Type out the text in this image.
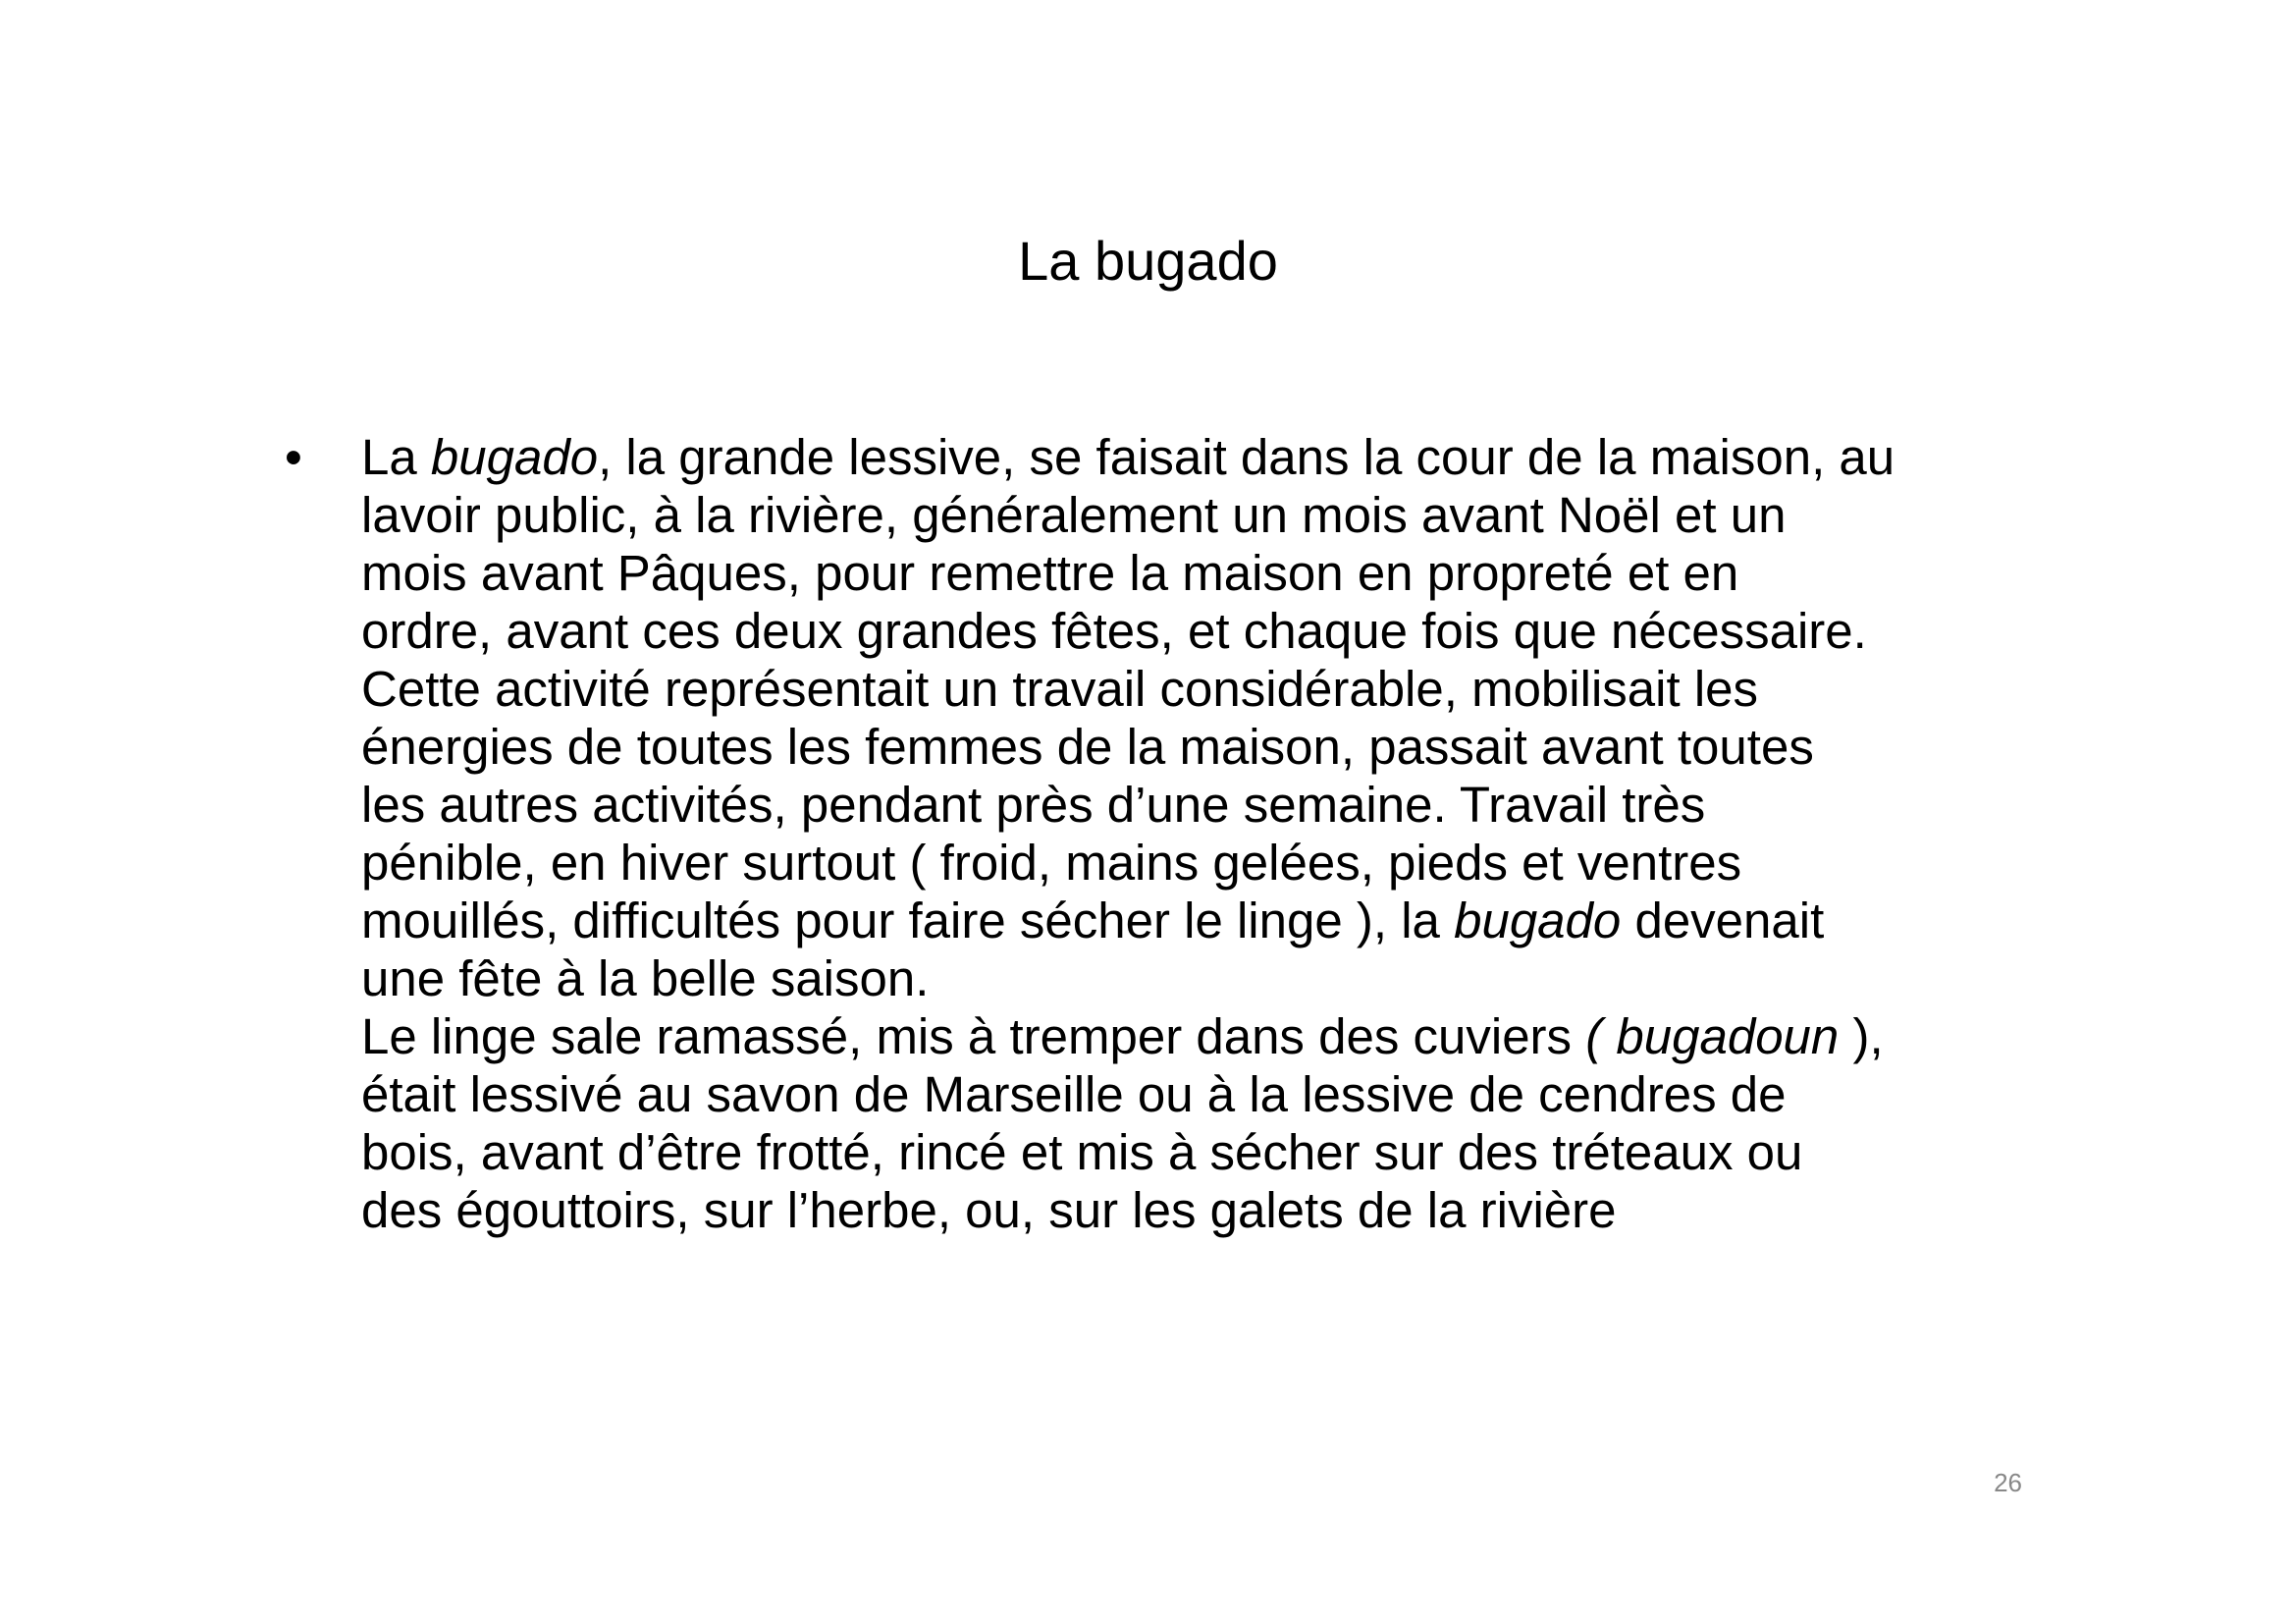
La bugado
• La bugado, la grande lessive, se faisait dans la cour de la maison, au
lavoir public, à la rivière, généralement un mois avant Noël et un
mois avant Pâques, pour remettre la maison en propreté et en
ordre, avant ces deux grandes fêtes, et chaque fois que nécessaire.
Cette activité représentait un travail considérable, mobilisait les
énergies de toutes les femmes de la maison, passait avant toutes
les autres activités, pendant près d’une semaine. Travail très
pénible, en hiver surtout ( froid, mains gelées, pieds et ventres
mouillés, difficultés pour faire sécher le linge ), la bugado devenait
une fête à la belle saison.
Le linge sale ramassé, mis à tremper dans des cuviers ( bugadoun ),
était lessivé au savon de Marseille ou à la lessive de cendres de
bois, avant d’être frotté, rincé et mis à sécher sur des tréteaux ou
des égouttoirs, sur l’herbe, ou, sur les galets de la rivière
26
